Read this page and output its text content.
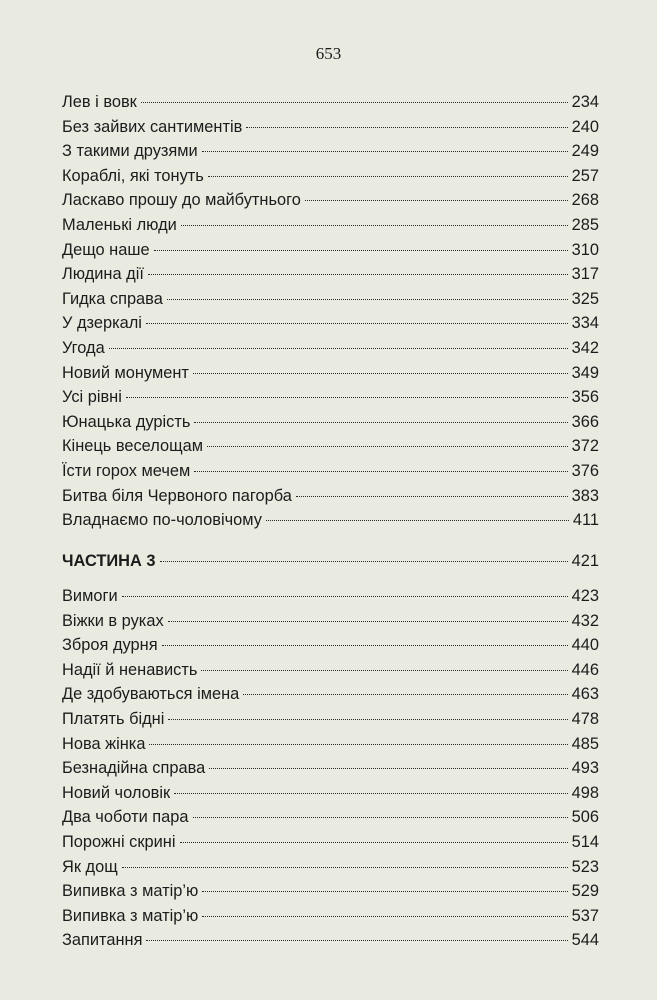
653
Лев і вовк	234
Без зайвих сантиментів	240
З такими друзями	249
Кораблі, які тонуть	257
Ласкаво прошу до майбутнього	268
Маленькі люди	285
Дещо наше	310
Людина дії	317
Гидка справа	325
У дзеркалі	334
Угода	342
Новий монумент	349
Усі рівні	356
Юнацька дурість	366
Кінець веселощам	372
Їсти горох мечем	376
Битва біля Червоного пагорба	383
Владнаємо по-чоловічому	411
ЧАСТИНА 3	421
Вимоги	423
Віжки в руках	432
Зброя дурня	440
Надії й ненависть	446
Де здобуваються імена	463
Платять бідні	478
Нова жінка	485
Безнадійна справа	493
Новий чоловік	498
Два чоботи пара	506
Порожні скрині	514
Як дощ	523
Випивка з матір’ю	529
Випивка з матір’ю	537
Запитання	544
